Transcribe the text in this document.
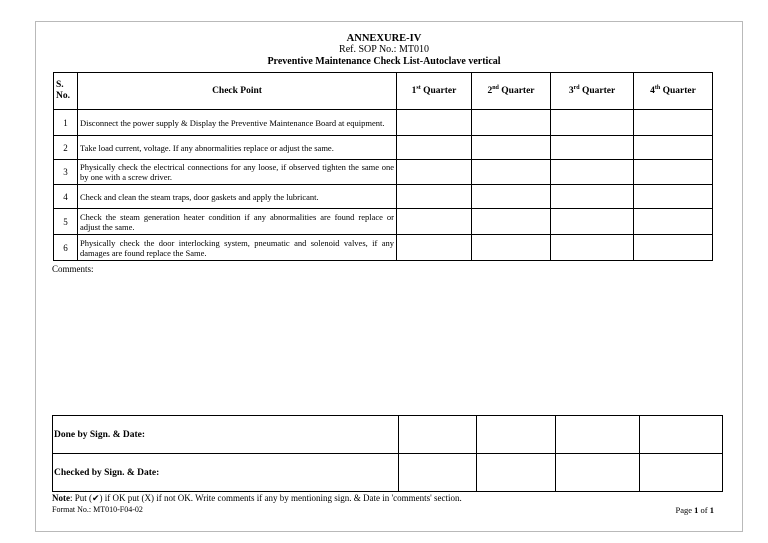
ANNEXURE-IV
Ref. SOP No.: MT010
Preventive Maintenance Check List-Autoclave vertical
S.
No.	Check Point	1st Quarter	2nd Quarter	3rd Quarter	4th Quarter
1	Disconnect the power supply & Display the Preventive Maintenance Board at equipment.				
2	Take load current, voltage. If any abnormalities replace or adjust the same.				
3	Physically check the electrical connections for any loose, if observed tighten the same one by one with a screw driver.				
4	Check and clean the steam traps, door gaskets and apply the lubricant.				
5	Check the steam generation heater condition if any abnormalities are found replace or adjust the same.				
6	Physically check the door interlocking system, pneumatic and solenoid valves, if any damages are found replace the Same.				
Comments:
Done by Sign. & Date:				
Checked by Sign. & Date:				
Note: Put (✔) if OK put (X) if not OK. Write comments if any by mentioning sign. & Date in 'comments' section.
Format No.: MT010-F04-02	Page 1 of 1
